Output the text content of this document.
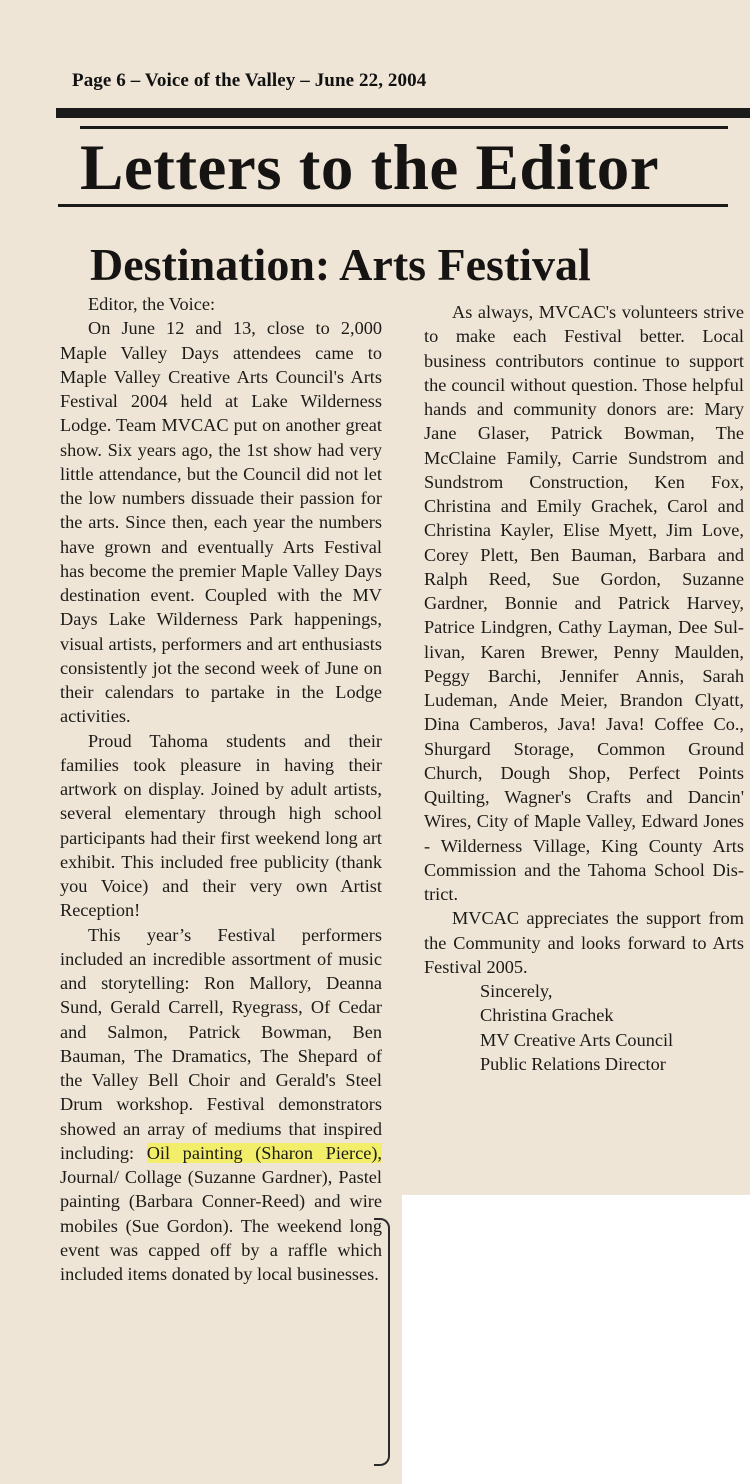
Page 6 – Voice of the Valley – June 22, 2004
Letters to the Editor
Destination: Arts Festival

Editor, the Voice:

On June 12 and 13, close to 2,000 Maple Valley Days attendees came to Maple Valley Creative Arts Council's Arts Festival 2004 held at Lake Wilderness Lodge. Team MVCAC put on another great show. Six years ago, the 1st show had very little attendance, but the Council did not let the low numbers dissuade their passion for the arts. Since then, each year the numbers have grown and eventually Arts Festival has become the premier Maple Valley Days destination event. Coupled with the MV Days Lake Wilderness Park happenings, visual artists, performers and art enthusiasts consistently jot the second week of June on their calendars to partake in the Lodge activities.

Proud Tahoma students and their families took pleasure in having their artwork on display. Joined by adult artists, several elementary through high school participants had their first weekend long art exhibit. This included free publicity (thank you Voice) and their very own Artist Reception!

This year’s Festival performers included an incredible assortment of music and storytelling: Ron Mallory, Deanna Sund, Gerald Carrell, Ryegrass, Of Cedar and Salmon, Patrick Bowman, Ben Bauman, The Dramatics, The Shepard of the Valley Bell Choir and Gerald's Steel Drum workshop. Festival demonstrators showed an array of mediums that inspired including: Oil painting (Sharon Pierce), Journal/ Collage (Suzanne Gardner), Pastel painting (Barbara Conner-Reed) and wire mobiles (Sue Gordon). The weekend long event was capped off by a raffle which included items donated by local businesses.

As always, MVCAC's volunteers strive to make each Festival better. Local business contributors continue to support the council without question. Those helpful hands and community donors are: Mary Jane Glaser, Patrick Bowman, The McClaine Family, Carrie Sundstrom and Sundstrom Construction, Ken Fox, Christina and Emily Grachek, Carol and Christina Kayler, Elise Myett, Jim Love, Corey Plett, Ben Bauman, Barbara and Ralph Reed, Sue Gordon, Suzanne Gardner, Bonnie and Patrick Harvey, Patrice Lindgren, Cathy Layman, Dee Sullivan, Karen Brewer, Penny Maulden, Peggy Barchi, Jennifer Annis, Sarah Ludeman, Ande Meier, Brandon Clyatt, Dina Camberos, Java! Java! Coffee Co., Shurgard Storage, Common Ground Church, Dough Shop, Perfect Points Quilting, Wagner's Crafts and Dancin' Wires, City of Maple Valley, Edward Jones - Wilderness Village, King County Arts Commission and the Tahoma School District.

MVCAC appreciates the support from the Community and looks forward to Arts Festival 2005.

Sincerely,

Christina Grachek

MV Creative Arts Council

Public Relations Director
